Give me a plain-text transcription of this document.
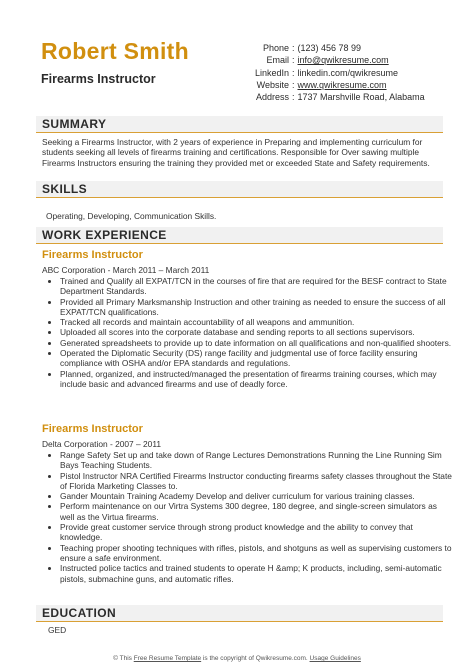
Robert Smith
Firearms Instructor
Phone : (123) 456 78 99
Email : info@qwikresume.com
LinkedIn : linkedin.com/qwikresume
Website : www.qwikresume.com
Address : 1737 Marshville Road, Alabama
SUMMARY
Seeking a Firearms Instructor, with 2 years of experience in Preparing and implementing curriculum for students seeking all levels of firearms training and certifications. Responsible for Over sawing multiple Firearms Instructors ensuring the training they provided met or exceeded State and Safety requirements.
SKILLS
Operating, Developing, Communication Skills.
WORK EXPERIENCE
Firearms Instructor
ABC Corporation - March 2011 – March 2011
• Trained and Qualify all EXPAT/TCN in the courses of fire that are required for the BESF contract to State Department Standards.
• Provided all Primary Marksmanship Instruction and other training as needed to ensure the success of all EXPAT/TCN qualifications.
• Tracked all records and maintain accountability of all weapons and ammunition.
• Uploaded all scores into the corporate database and sending reports to all sections supervisors.
• Generated spreadsheets to provide up to date information on all qualifications and non-qualified shooters.
• Operated the Diplomatic Security (DS) range facility and judgmental use of force facility ensuring compliance with OSHA and/or EPA standards and regulations.
• Planned, organized, and instructed/managed the presentation of firearms training courses, which may include basic and advanced firearms and use of deadly force.
Firearms Instructor
Delta Corporation - 2007 – 2011
• Range Safety Set up and take down of Range Lectures Demonstrations Running the Line Running Sim Bays Teaching Students.
• Pistol Instructor NRA Certified Firearms Instructor conducting firearms safety classes throughout the State of Florida Marketing Classes to.
• Gander Mountain Training Academy Develop and deliver curriculum for various training classes.
• Perform maintenance on our Virtra Systems 300 degree, 180 degree, and single-screen simulators as well as the Virtua firearms.
• Provide great customer service through strong product knowledge and the ability to convey that knowledge.
• Teaching proper shooting techniques with rifles, pistols, and shotguns as well as supervising customers to ensure a safe environment.
• Instructed police tactics and trained students to operate H &amp; K products, including, semi-automatic pistols, submachine guns, and automatic rifles.
EDUCATION
GED
© This Free Resume Template is the copyright of Qwikresume.com. Usage Guidelines
